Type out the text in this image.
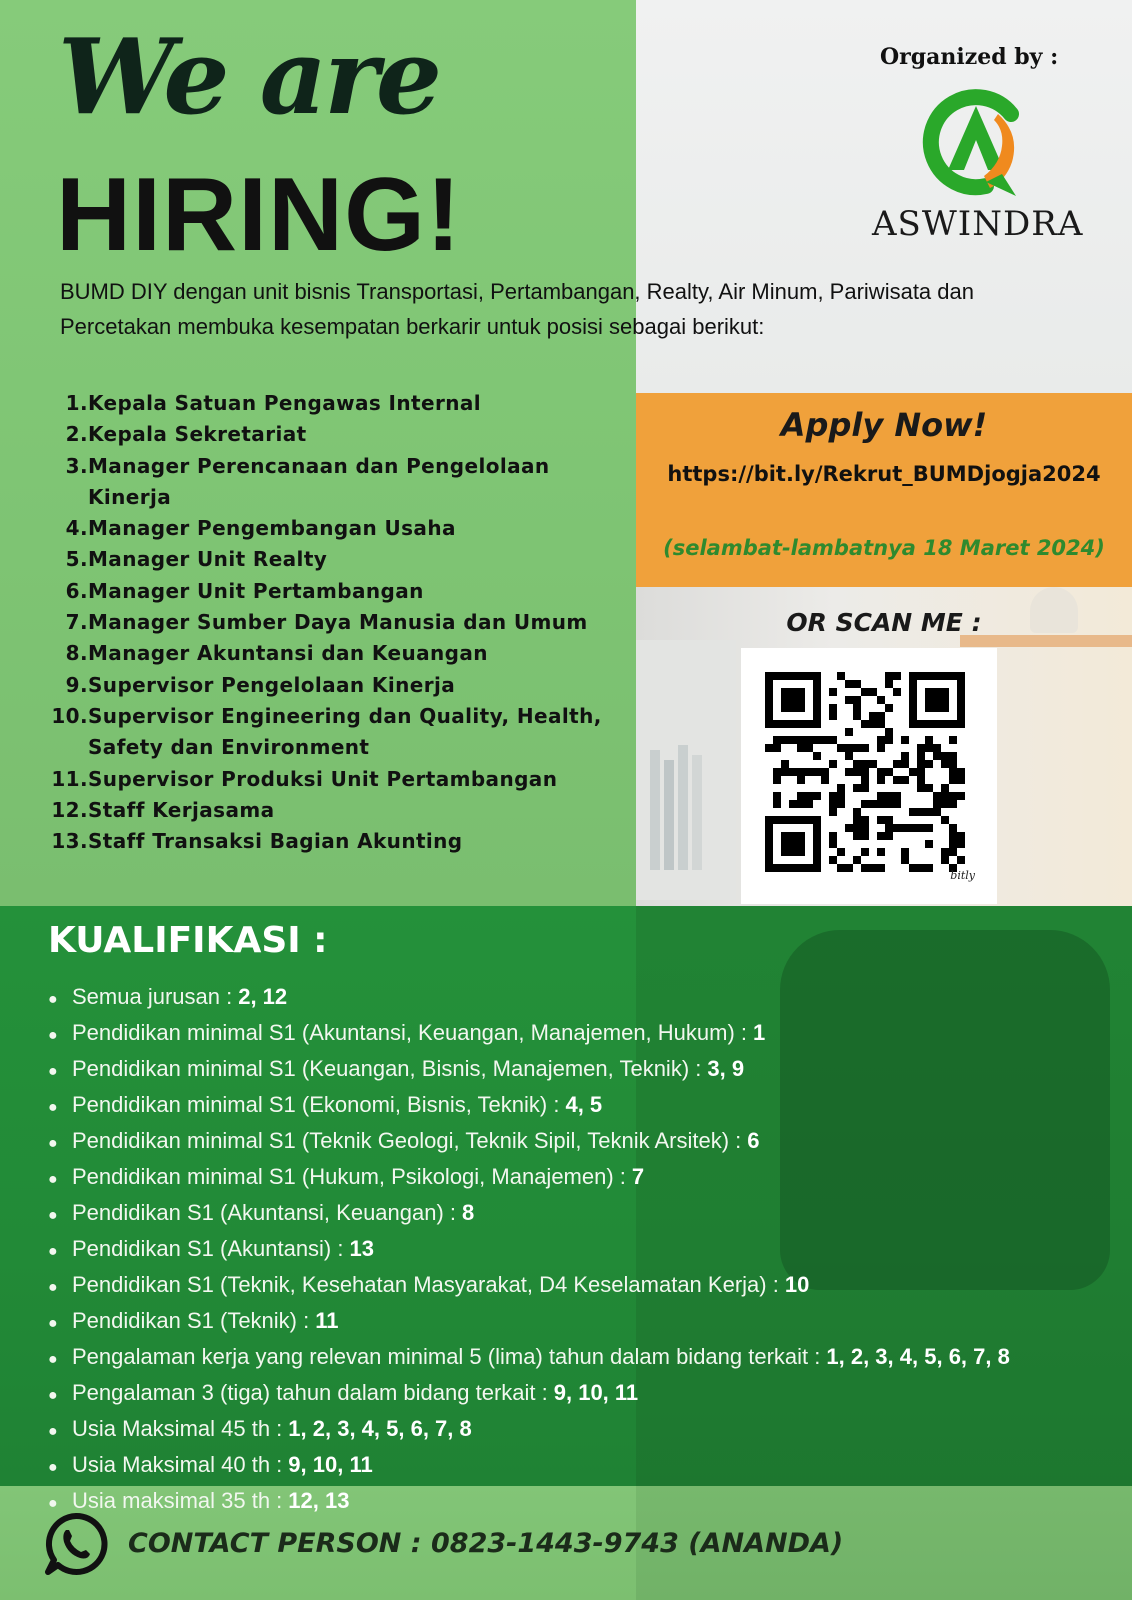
We are
HIRING!
Organized by :
ASWINDRA
BUMD DIY dengan unit bisnis Transportasi, Pertambangan, Realty, Air Minum, Pariwisata dan Percetakan membuka kesempatan berkarir untuk posisi sebagai berikut:
1. Kepala Satuan Pengawas Internal
2. Kepala Sekretariat
3. Manager Perencanaan dan Pengelolaan Kinerja
4. Manager Pengembangan Usaha
5. Manager Unit Realty
6. Manager Unit Pertambangan
7. Manager Sumber Daya Manusia dan Umum
8. Manager Akuntansi dan Keuangan
9. Supervisor Pengelolaan Kinerja
10. Supervisor Engineering dan Quality, Health, Safety dan Environment
11. Supervisor Produksi Unit Pertambangan
12. Staff Kerjasama
13. Staff Transaksi Bagian Akunting
Apply Now!
https://bit.ly/Rekrut_BUMDjogja2024
(selambat-lambatnya 18 Maret 2024)
OR SCAN ME :
bitly
KUALIFIKASI :
● Semua jurusan : 2, 12
● Pendidikan minimal S1 (Akuntansi, Keuangan, Manajemen, Hukum) : 1
● Pendidikan minimal S1 (Keuangan, Bisnis, Manajemen, Teknik) : 3, 9
● Pendidikan minimal S1 (Ekonomi, Bisnis, Teknik) : 4, 5
● Pendidikan minimal S1 (Teknik Geologi, Teknik Sipil, Teknik Arsitek) : 6
● Pendidikan minimal S1 (Hukum, Psikologi, Manajemen) : 7
● Pendidikan S1 (Akuntansi, Keuangan) : 8
● Pendidikan S1 (Akuntansi) : 13
● Pendidikan S1 (Teknik, Kesehatan Masyarakat, D4 Keselamatan Kerja) : 10
● Pendidikan S1 (Teknik) : 11
● Pengalaman kerja yang relevan minimal 5 (lima) tahun dalam bidang terkait : 1, 2, 3, 4, 5, 6, 7, 8
● Pengalaman 3 (tiga) tahun dalam bidang terkait : 9, 10, 11
● Usia Maksimal 45 th : 1, 2, 3, 4, 5, 6, 7, 8
● Usia Maksimal 40 th : 9, 10, 11
● Usia maksimal 35 th : 12, 13
CONTACT PERSON : 0823-1443-9743 (ANANDA)
